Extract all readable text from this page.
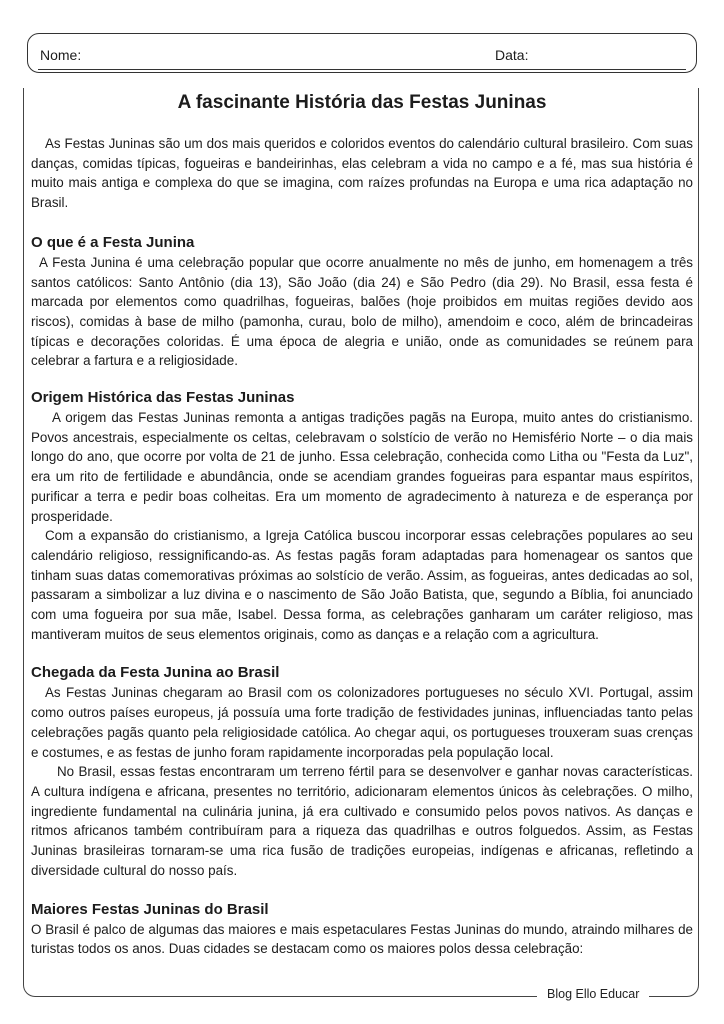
Nome:	Data:
A fascinante História das Festas Juninas

As Festas Juninas são um dos mais queridos e coloridos eventos do calendário cultural brasileiro. Com suas danças, comidas típicas, fogueiras e bandeirinhas, elas celebram a vida no campo e a fé, mas sua história é muito mais antiga e complexa do que se imagina, com raízes profundas na Europa e uma rica adaptação no Brasil.

O que é a Festa Junina

A Festa Junina é uma celebração popular que ocorre anualmente no mês de junho, em homenagem a três santos católicos: Santo Antônio (dia 13), São João (dia 24) e São Pedro (dia 29). No Brasil, essa festa é marcada por elementos como quadrilhas, fogueiras, balões (hoje proibidos em muitas regiões devido aos riscos), comidas à base de milho (pamonha, curau, bolo de milho), amendoim e coco, além de brincadeiras típicas e decorações coloridas. É uma época de alegria e união, onde as comunidades se reúnem para celebrar a fartura e a religiosidade.

Origem Histórica das Festas Juninas

A origem das Festas Juninas remonta a antigas tradições pagãs na Europa, muito antes do cristianismo. Povos ancestrais, especialmente os celtas, celebravam o solstício de verão no Hemisfério Norte – o dia mais longo do ano, que ocorre por volta de 21 de junho. Essa celebração, conhecida como Litha ou "Festa da Luz", era um rito de fertilidade e abundância, onde se acendiam grandes fogueiras para espantar maus espíritos, purificar a terra e pedir boas colheitas. Era um momento de agradecimento à natureza e de esperança por prosperidade.

Com a expansão do cristianismo, a Igreja Católica buscou incorporar essas celebrações populares ao seu calendário religioso, ressignificando-as. As festas pagãs foram adaptadas para homenagear os santos que tinham suas datas comemorativas próximas ao solstício de verão. Assim, as fogueiras, antes dedicadas ao sol, passaram a simbolizar a luz divina e o nascimento de São João Batista, que, segundo a Bíblia, foi anunciado com uma fogueira por sua mãe, Isabel. Dessa forma, as celebrações ganharam um caráter religioso, mas mantiveram muitos de seus elementos originais, como as danças e a relação com a agricultura.

Chegada da Festa Junina ao Brasil

As Festas Juninas chegaram ao Brasil com os colonizadores portugueses no século XVI. Portugal, assim como outros países europeus, já possuía uma forte tradição de festividades juninas, influenciadas tanto pelas celebrações pagãs quanto pela religiosidade católica. Ao chegar aqui, os portugueses trouxeram suas crenças e costumes, e as festas de junho foram rapidamente incorporadas pela população local.

No Brasil, essas festas encontraram um terreno fértil para se desenvolver e ganhar novas características. A cultura indígena e africana, presentes no território, adicionaram elementos únicos às celebrações. O milho, ingrediente fundamental na culinária junina, já era cultivado e consumido pelos povos nativos. As danças e ritmos africanos também contribuíram para a riqueza das quadrilhas e outros folguedos. Assim, as Festas Juninas brasileiras tornaram-se uma rica fusão de tradições europeias, indígenas e africanas, refletindo a diversidade cultural do nosso país.

Maiores Festas Juninas do Brasil

O Brasil é palco de algumas das maiores e mais espetaculares Festas Juninas do mundo, atraindo milhares de turistas todos os anos. Duas cidades se destacam como os maiores polos dessa celebração:

Blog Ello Educar
